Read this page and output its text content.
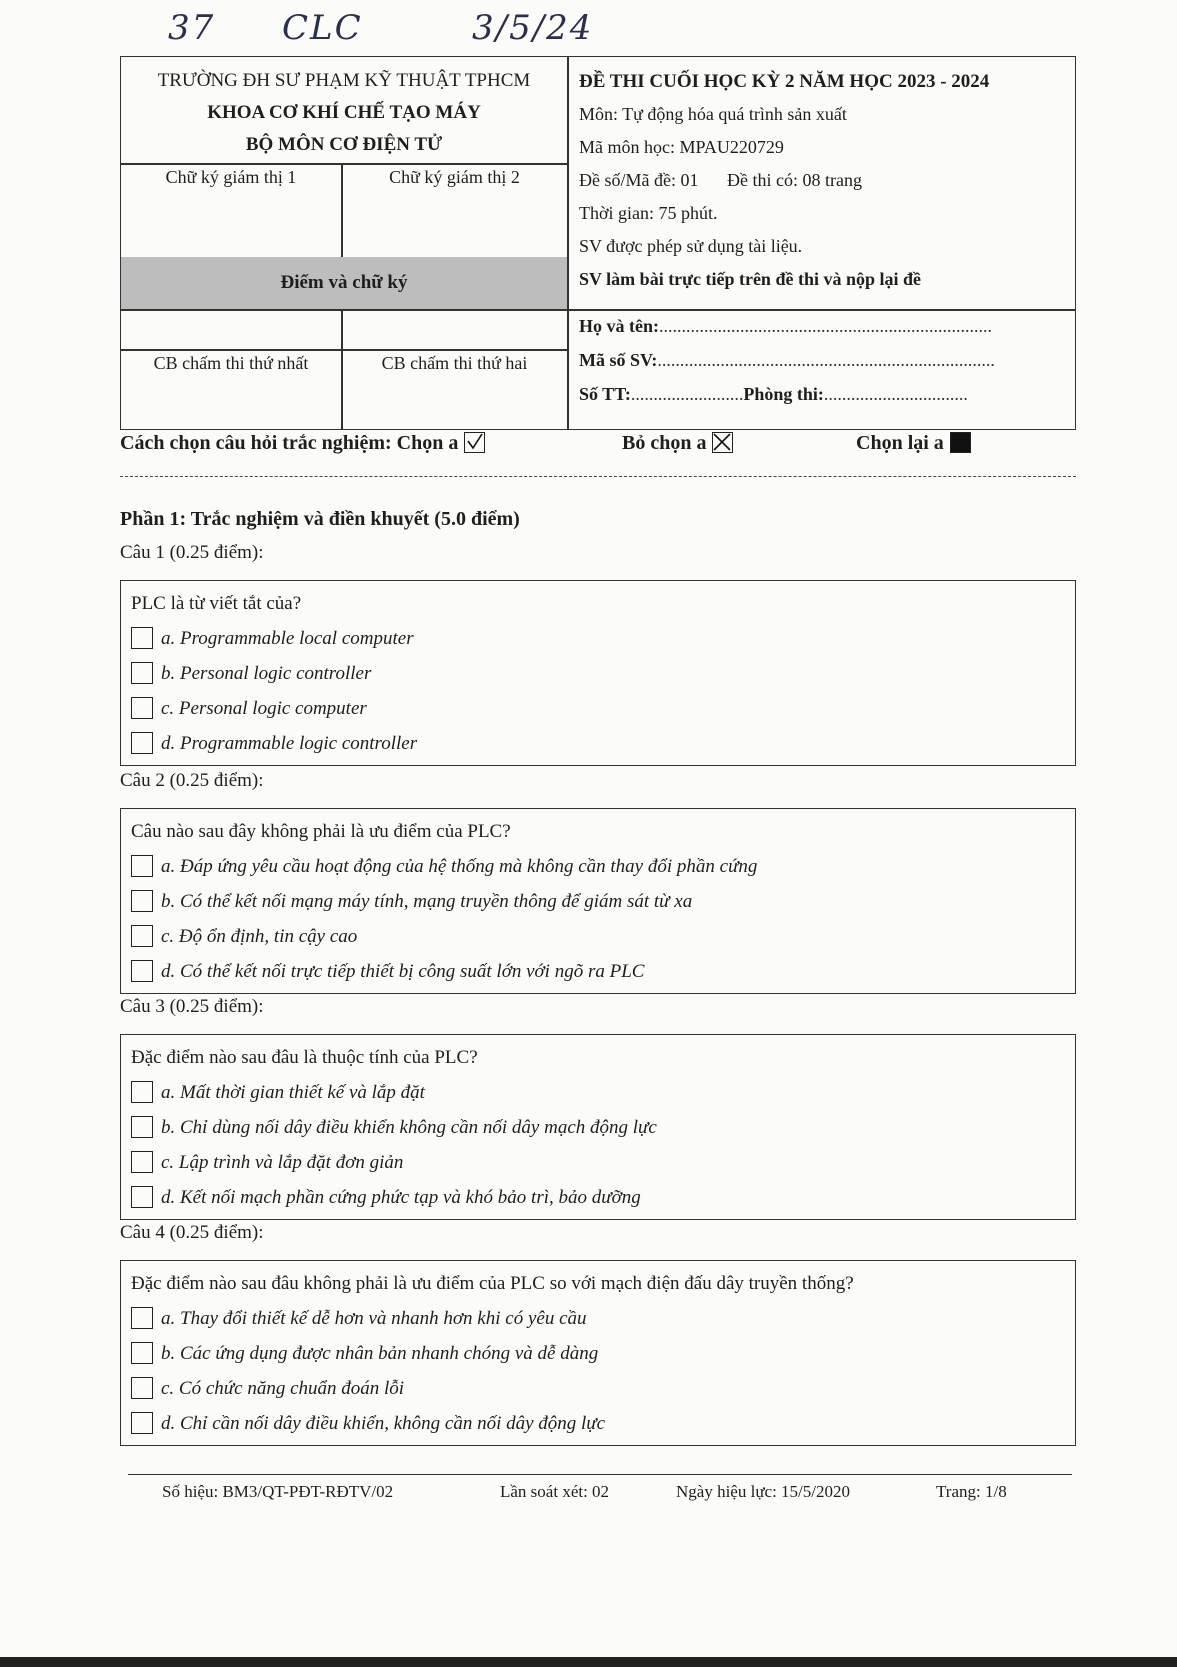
37 CLC	3/5/24
TRƯỜNG ĐH SƯ PHẠM KỸ THUẬT TPHCM
KHOA CƠ KHÍ CHẾ TẠO MÁY
BỘ MÔN CƠ ĐIỆN TỬ
ĐỀ THI CUỐI HỌC KỲ 2 NĂM HỌC 2023 - 2024
Môn: Tự động hóa quá trình sản xuất
Mã môn học: MPAU220729
Đề số/Mã đề: 01 Đề thi có: 08 trang
Thời gian: 75 phút.
SV được phép sử dụng tài liệu.
SV làm bài trực tiếp trên đề thi và nộp lại đề
Chữ ký giám thị 1	Chữ ký giám thị 2
Điểm và chữ ký
CB chấm thi thứ nhất	CB chấm thi thứ hai
Họ và tên:..........................................................................
Mã số SV:...........................................................................
Số TT:.........................Phòng thi:................................
Cách chọn câu hỏi trắc nghiệm: Chọn a	Bỏ chọn a	Chọn lại a
Phần 1: Trắc nghiệm và điền khuyết (5.0 điểm)
Câu 1 (0.25 điểm):
PLC là từ viết tắt của?
a. Programmable local computer
b. Personal logic controller
c. Personal logic computer
d. Programmable logic controller
Câu 2 (0.25 điểm):
Câu nào sau đây không phải là ưu điểm của PLC?
a. Đáp ứng yêu cầu hoạt động của hệ thống mà không cần thay đổi phần cứng
b. Có thể kết nối mạng máy tính, mạng truyền thông để giám sát từ xa
c. Độ ổn định, tin cậy cao
d. Có thể kết nối trực tiếp thiết bị công suất lớn với ngõ ra PLC
Câu 3 (0.25 điểm):
Đặc điểm nào sau đâu là thuộc tính của PLC?
a. Mất thời gian thiết kế và lắp đặt
b. Chỉ dùng nối dây điều khiển không cần nối dây mạch động lực
c. Lập trình và lắp đặt đơn giản
d. Kết nối mạch phần cứng phức tạp và khó bảo trì, bảo dưỡng
Câu 4 (0.25 điểm):
Đặc điểm nào sau đâu không phải là ưu điểm của PLC so với mạch điện đấu dây truyền thống?
a. Thay đổi thiết kế dễ hơn và nhanh hơn khi có yêu cầu
b. Các ứng dụng được nhân bản nhanh chóng và dễ dàng
c. Có chức năng chuẩn đoán lỗi
d. Chỉ cần nối dây điều khiển, không cần nối dây động lực
Số hiệu: BM3/QT-PĐT-RĐTV/02	Lần soát xét: 02	Ngày hiệu lực: 15/5/2020	Trang: 1/8
